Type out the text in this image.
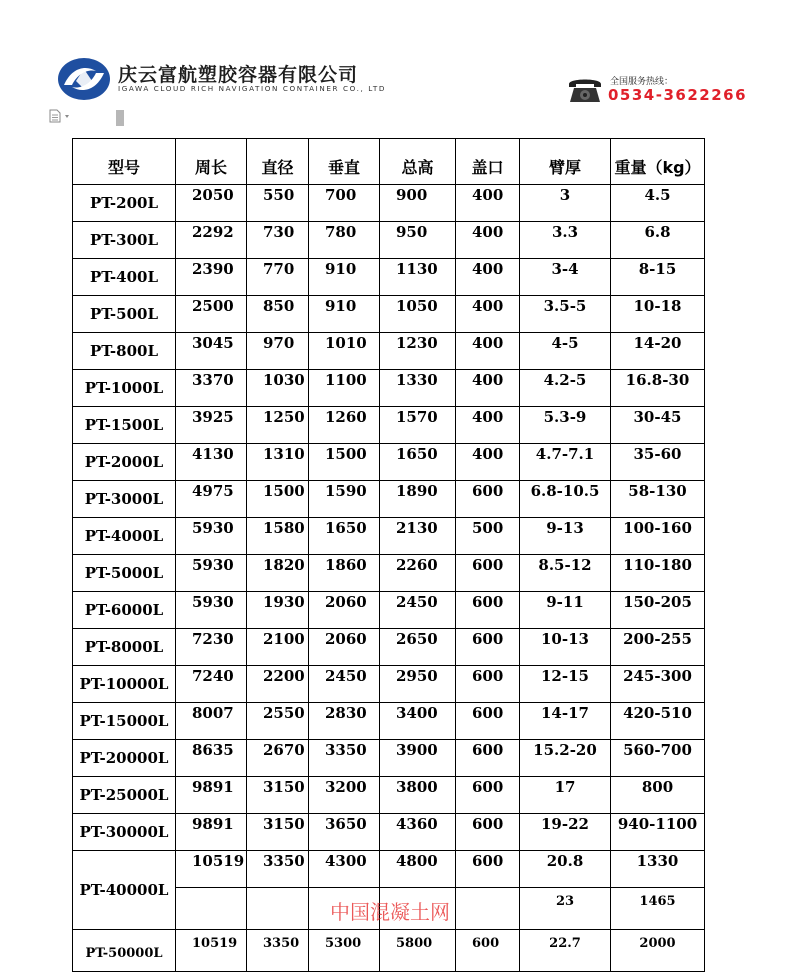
庆云富航塑胶容器有限公司
IGAWA CLOUD RICH NAVIGATION CONTAINER CO., LTD
全国服务热线：
0534-3622266
型号	周长	直径	垂直	总高	盖口	臂厚	重量（kg）
PT-200L	2050	550	700	900	400	3	4.5
PT-300L	2292	730	780	950	400	3.3	6.8
PT-400L	2390	770	910	1130	400	3-4	8-15
PT-500L	2500	850	910	1050	400	3.5-5	10-18
PT-800L	3045	970	1010	1230	400	4-5	14-20
PT-1000L	3370	1030	1100	1330	400	4.2-5	16.8-30
PT-1500L	3925	1250	1260	1570	400	5.3-9	30-45
PT-2000L	4130	1310	1500	1650	400	4.7-7.1	35-60
PT-3000L	4975	1500	1590	1890	600	6.8-10.5	58-130
PT-4000L	5930	1580	1650	2130	500	9-13	100-160
PT-5000L	5930	1820	1860	2260	600	8.5-12	110-180
PT-6000L	5930	1930	2060	2450	600	9-11	150-205
PT-8000L	7230	2100	2060	2650	600	10-13	200-255
PT-10000L	7240	2200	2450	2950	600	12-15	245-300
PT-15000L	8007	2550	2830	3400	600	14-17	420-510
PT-20000L	8635	2670	3350	3900	600	15.2-20	560-700
PT-25000L	9891	3150	3200	3800	600	17	800
PT-30000L	9891	3150	3650	4360	600	19-22	940-1100
PT-40000L	10519	3350	4300	4800	600	20.8	1330
						23	1465
PT-50000L	10519	3350	5300	5800	600	22.7	2000
中国混凝土网
